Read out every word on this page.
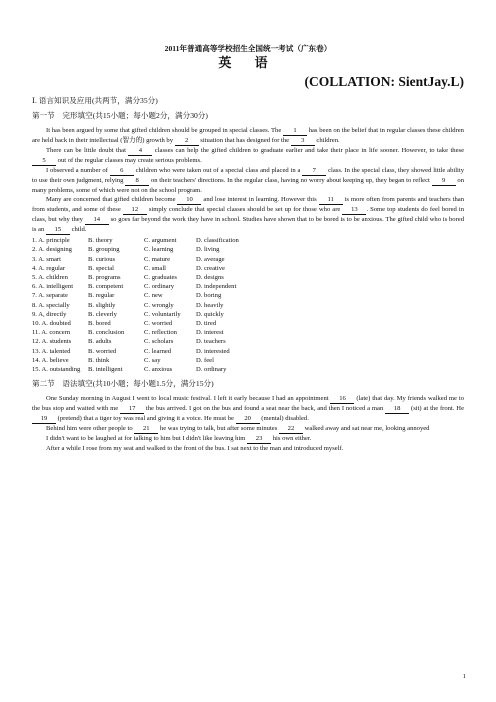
2011年普通高等学校招生全国统一考试（广东卷）
英 语
(COLLATION: SientJay.L)
Ⅰ. 语言知识及应用(共两节，满分35分)
第一节　完形填空(共15小题；每小题2分，满分30分)

It has been argued by some that gifted children should be grouped in special classes. The 1 has been on the belief that in regular classes these children are held back in their intellectual (智力的) growth by 2 situation that has designed for the 3 children.

There can be little doubt that 4 classes can help the gifted children to graduate earlier and take their place in life sooner. However, to take these 5 out of the regular classes may create serious problems.

I observed a number of 6 children who were taken out of a special class and placed in a 7 class. In the special class, they showed little ability to use their own judgment, relying 8 on their teachers' directions. In the regular class, having no worry about keeping up, they began to reflect 9 on many problems, some of which were not on the school program.

Many are concerned that gifted children become 10 and lose interest in learning. However this 11 is more often from parents and teachers than from students, and some of these 12 simply conclude that special classes should be set up for those who are 13 . Some top students do feel bored in class, but why they 14 so goes far beyond the work they have in school. Studies have shown that to be bored is to be anxious. The gifted child who is bored is an 15 child.

1. A. principle	B. theory	C. argument	D. classification
2. A. designing	B. grouping	C. learning	D. living
3. A. smart	B. curious	C. mature	D. average
4. A. regular	B. special	C. small	D. creative
5. A. children	B. programs	C. graduates	D. designs
6. A. intelligent	B. competent	C. ordinary	D. independent
7. A. separate	B. regular	C. new	D. boring
8. A. specially	B. slightly	C. wrongly	D. heavily
9. A, directly	B. cleverly	C. voluntarily	D. quickly
10. A. doubted	B. bored	C. worried	D. tired
11. A. concern	B. conclusion	C. reflection	D. interest
12. A. students	B. adults	C. scholars	D. teachers
13. A. talented	B. worried	C. learned	D. interested
14. A. believe	B. think	C. say	D. feel
15. A. outstanding	B. intelligent	C. anxious	D. ordinary
第二节　语法填空(共10小题；每小题1.5分，满分15分)

One Sunday morning in August I went to local music festival. I left it early because I had an appointment 16 (late) that day. My friends walked me to the bus stop and waited with me 17 the bus arrived. I got on the bus and found a seat near the back, and then I noticed a man 18 (sit) at the front. He 19 (pretend) that a tiger toy was real and giving it a voice. He must be 20 (mental) disabled.

Behind him were other people to 21 he was trying to talk, but after some minutes 22 walked away and sat near me, looking annoyed

I didn't want to be laughed at for talking to him but I didn't like leaving him 23 his own either.

After a while I rose from my seat and walked to the front of the bus. I sat next to the man and introduced myself.

1
